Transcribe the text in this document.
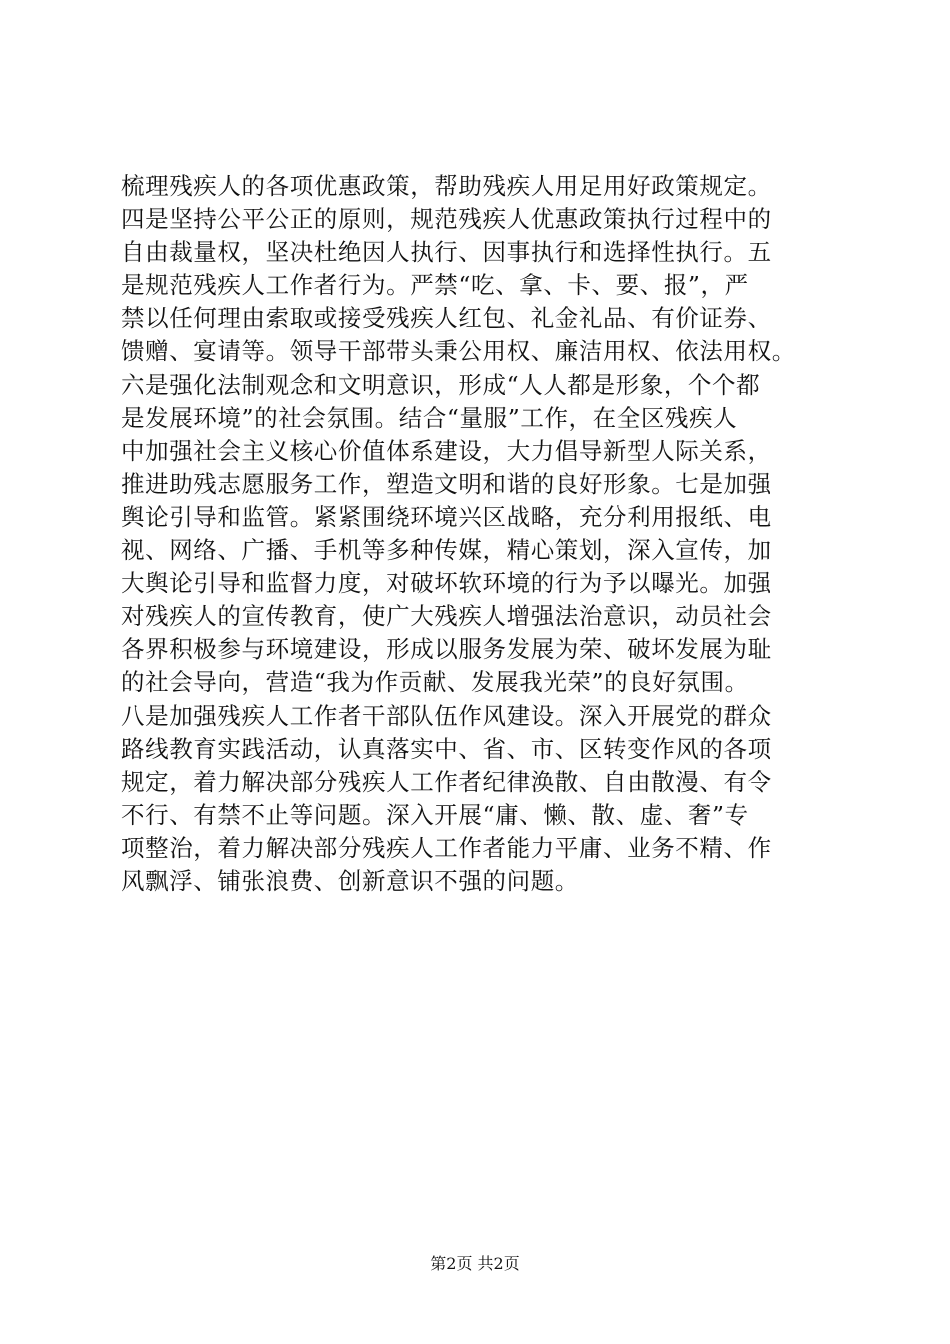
梳理残疾人的各项优惠政策，帮助残疾人用足用好政策规定。
四是坚持公平公正的原则，规范残疾人优惠政策执行过程中的
自由裁量权，坚决杜绝因人执行、因事执行和选择性执行。五
是规范残疾人工作者行为。严禁“吃、拿、卡、要、报”，严
禁以任何理由索取或接受残疾人红包、礼金礼品、有价证券、
馈赠、宴请等。领导干部带头秉公用权、廉洁用权、依法用权。
六是强化法制观念和文明意识，形成“人人都是形象，个个都
是发展环境”的社会氛围。结合“量服”工作，在全区残疾人
中加强社会主义核心价值体系建设，大力倡导新型人际关系，
推进助残志愿服务工作，塑造文明和谐的良好形象。七是加强
舆论引导和监管。紧紧围绕环境兴区战略，充分利用报纸、电
视、网络、广播、手机等多种传媒，精心策划，深入宣传，加
大舆论引导和监督力度，对破坏软环境的行为予以曝光。加强
对残疾人的宣传教育，使广大残疾人增强法治意识，动员社会
各界积极参与环境建设，形成以服务发展为荣、破坏发展为耻
的社会导向，营造“我为作贡献、发展我光荣”的良好氛围。
八是加强残疾人工作者干部队伍作风建设。深入开展党的群众
路线教育实践活动，认真落实中、省、市、区转变作风的各项
规定，着力解决部分残疾人工作者纪律涣散、自由散漫、有令
不行、有禁不止等问题。深入开展“庸、懒、散、虚、奢”专
项整治，着力解决部分残疾人工作者能力平庸、业务不精、作
风飘浮、铺张浪费、创新意识不强的问题。
第2页 共2页
